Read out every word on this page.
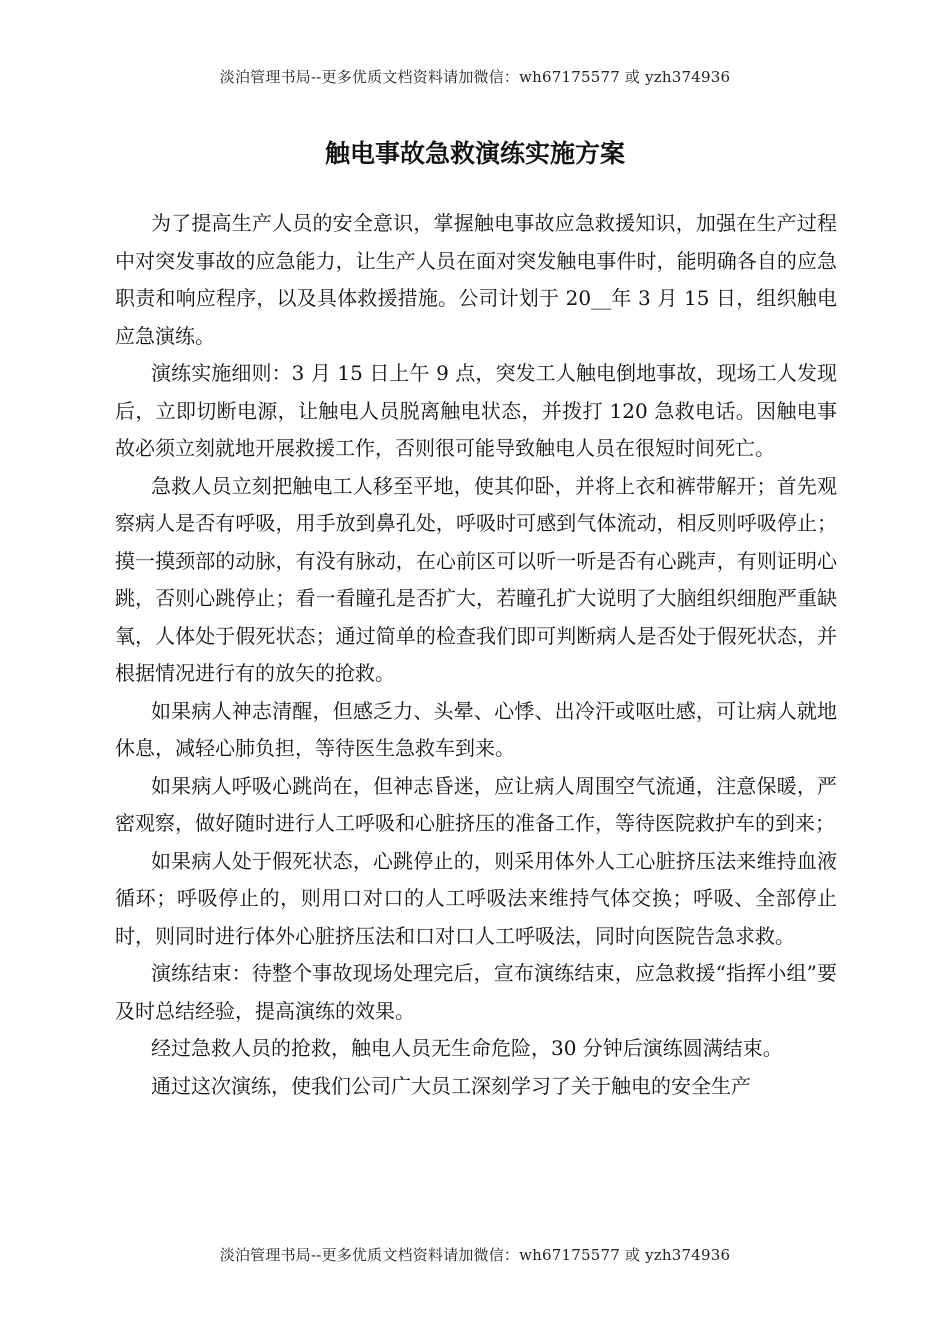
淡泊管理书局--更多优质文档资料请加微信：wh67175577 或 yzh374936
触电事故急救演练实施方案

为了提高生产人员的安全意识，掌握触电事故应急救援知识，加强在生产过程中对突发事故的应急能力，让生产人员在面对突发触电事件时，能明确各自的应急职责和响应程序，以及具体救援措施。公司计划于 20__年 3 月 15 日，组织触电应急演练。

演练实施细则：3 月 15 日上午 9 点，突发工人触电倒地事故，现场工人发现后，立即切断电源，让触电人员脱离触电状态，并拨打 120 急救电话。因触电事故必须立刻就地开展救援工作，否则很可能导致触电人员在很短时间死亡。

急救人员立刻把触电工人移至平地，使其仰卧，并将上衣和裤带解开；首先观察病人是否有呼吸，用手放到鼻孔处，呼吸时可感到气体流动，相反则呼吸停止；摸一摸颈部的动脉，有没有脉动，在心前区可以听一听是否有心跳声，有则证明心跳，否则心跳停止；看一看瞳孔是否扩大，若瞳孔扩大说明了大脑组织细胞严重缺氧，人体处于假死状态；通过简单的检查我们即可判断病人是否处于假死状态，并根据情况进行有的放矢的抢救。

如果病人神志清醒，但感乏力、头晕、心悸、出冷汗或呕吐感，可让病人就地休息，减轻心肺负担，等待医生急救车到来。

如果病人呼吸心跳尚在，但神志昏迷，应让病人周围空气流通，注意保暖，严密观察，做好随时进行人工呼吸和心脏挤压的准备工作，等待医院救护车的到来；

如果病人处于假死状态，心跳停止的，则采用体外人工心脏挤压法来维持血液循环；呼吸停止的，则用口对口的人工呼吸法来维持气体交换；呼吸、全部停止时，则同时进行体外心脏挤压法和口对口人工呼吸法，同时向医院告急求救。

演练结束：待整个事故现场处理完后，宣布演练结束，应急救援“指挥小组”要及时总结经验，提高演练的效果。

经过急救人员的抢救，触电人员无生命危险，30 分钟后演练圆满结束。

通过这次演练，使我们公司广大员工深刻学习了关于触电的安全生产

淡泊管理书局--更多优质文档资料请加微信：wh67175577 或 yzh374936
